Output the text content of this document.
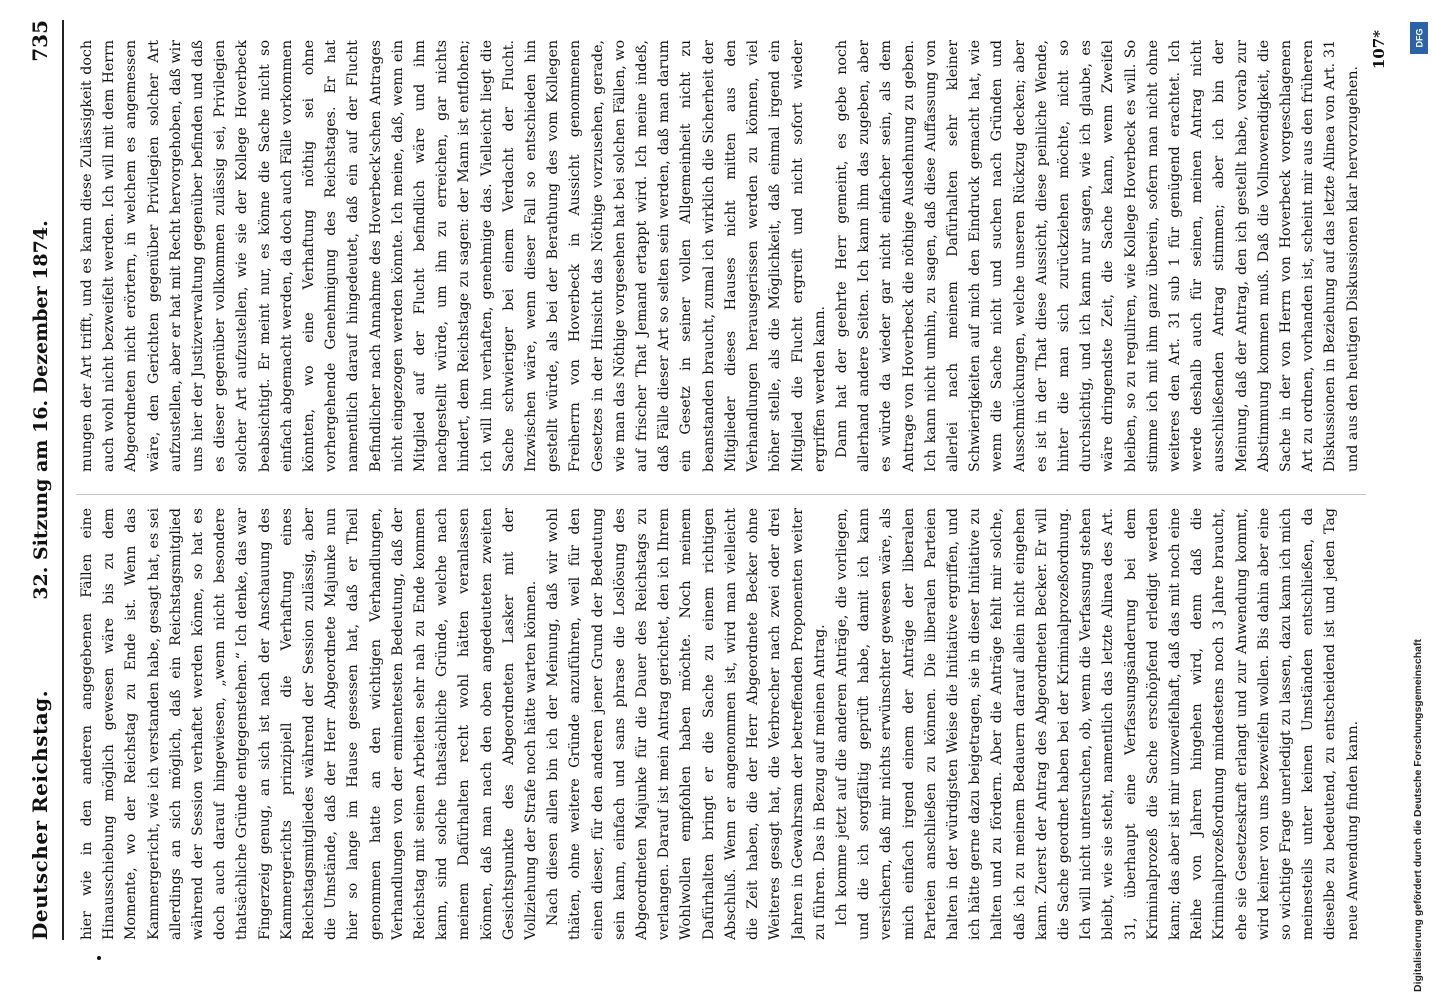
Deutscher Reichstag.
32. Sitzung am 16. Dezember 1874.
735

hier wie in den anderen angegebenen Fällen eine Hinausschiebung möglich gewesen wäre bis zu dem Momente, wo der Reichstag zu Ende ist. Wenn das Kammergericht, wie ich verstanden habe, gesagt hat, es sei allerdings an sich möglich, daß ein Reichstagsmitglied während der Session verhaftet werden könne, so hat es doch auch darauf hingewiesen, „wenn nicht besondere thatsächliche Gründe entgegenstehen.“ Ich denke, das war Fingerzeig genug, an sich ist nach der Anschauung des Kammergerichts prinzipiell die Verhaftung eines Reichstagsmitgliedes während der Session zulässig, aber die Umstände, daß der Herr Abgeordnete Majunke nun hier so lange im Hause gesessen hat, daß er Theil genommen hatte an den wichtigen Verhandlungen, Verhandlungen von der eminentesten Bedeutung, daß der Reichstag mit seinen Arbeiten sehr nah zu Ende kommen kann, sind solche thatsächliche Gründe, welche nach meinem Dafürhalten recht wohl hätten veranlassen können, daß man nach den oben angedeuteten zweiten Gesichtspunkte des Abgeordneten Lasker mit der Vollziehung der Strafe noch hätte warten können. Nach diesen allen bin ich der Meinung, daß wir wohl thäten, ohne weitere Gründe anzuführen, weil für den einen dieser, für den anderen jener Grund der Bedeutung sein kann, einfach und sans phrase die Loslösung des Abgeordneten Majunke für die Dauer des Reichstags zu verlangen. Darauf ist mein Antrag gerichtet, den ich Ihrem Wohlwollen empfohlen haben möchte. Noch meinem Dafürhalten bringt er die Sache zu einem richtigen Abschluß. Wenn er angenommen ist, wird man vielleicht die Zeit haben, die der Herr Abgeordnete Becker ohne Weiteres gesagt hat, die Verbrecher nach zwei oder drei Jahren in Gewahrsam der betreffenden Proponenten weiter zu führen. Das in Bezug auf meinen Antrag. Ich komme jetzt auf die anderen Anträge, die vorliegen, und die ich sorgfältig geprüft habe, damit ich kann versichern, daß mir nichts erwünschter gewesen wäre, als mich einfach irgend einem der Anträge der liberalen Parteien anschließen zu können. Die liberalen Parteien halten in der würdigsten Weise die Initiative ergriffen, und ich hätte gerne dazu beigetragen, sie in dieser Initiative zu halten und zu fördern. Aber die Anträge fehlt mir solche, daß ich zu meinem Bedauern darauf allein nicht eingehen kann. Zuerst der Antrag des Abgeordneten Becker. Er will die Sache geordnet haben bei der Kriminalprozeßordnung. Ich will nicht untersuchen, ob, wenn die Verfassung stehen bleibt, wie sie steht, namentlich das letzte Alinea des Art. 31, überhaupt eine Verfassungsänderung bei dem Kriminalprozeß die Sache erschöpfend erledigt werden kann; das aber ist mir unzweifelhaft, daß das mit noch eine Reihe von Jahren hingehen wird, denn daß die Kriminalprozeßordnung mindestens noch 3 Jahre braucht, ehe sie Gesetzeskraft erlangt und zur Anwendung kommt, wird keiner von uns bezweifeln wollen. Bis dahin aber eine so wichtige Frage unerledigt zu lassen, dazu kann ich mich meinesteils unter keinen Umständen entschließen, da dieselbe zu bedeutend, zu entscheidend ist und jeden Tag neue Anwendung finden kann.

mungen der Art trifft, und es kann diese Zulässigkeit doch auch wohl nicht bezweifelt werden. Ich will mit dem Herrn Abgeordneten nicht erörtern, in welchem es angemessen wäre, den Gerichten gegenüber Privilegien solcher Art aufzustellen, aber er hat mit Recht hervorgehoben, daß wir uns hier der Justizverwaltung gegenüber befinden und daß es dieser gegenüber vollkommen zulässig sei, Privilegien solcher Art aufzustellen, wie sie der Kollege Hoverbeck beabsichtigt. Er meint nur, es könne die Sache nicht so einfach abgemacht werden, da doch auch Fälle vorkommen könnten, wo eine Verhaftung nöthig sei ohne vorhergehende Genehmigung des Reichstages. Er hat namentlich darauf hingedeutet, daß ein auf der Flucht Befindlicher nach Annahme des Hoverbeck'schen Antrages nicht eingezogen werden könnte. Ich meine, daß, wenn ein Mitglied auf der Flucht befindlich wäre und ihm nachgestellt würde, um ihn zu erreichen, gar nichts hindert, dem Reichstage zu sagen: der Mann ist entflohen; ich will ihn verhaften, genehmige das. Vielleicht liegt die Sache schwieriger bei einem Verdacht der Flucht. Inzwischen wäre, wenn dieser Fall so entschieden hin gestellt würde, als bei der Berathung des vom Kollegen Freiherrn von Hoverbeck in Aussicht genommenen Gesetzes in der Hinsicht das Nöthige vorzusehen, gerade, wie man das Nöthige vorgesehen hat bei solchen Fällen, wo auf frischer That Jemand ertappt wird. Ich meine indeß, daß Fälle dieser Art so selten sein werden, daß man darum ein Gesetz in seiner vollen Allgemeinheit nicht zu beanstanden braucht, zumal ich wirklich die Sicherheit der Mitglieder dieses Hauses nicht mitten aus den Verhandlungen herausgerissen werden zu können, viel höher stelle, als die Möglichkeit, daß einmal irgend ein Mitglied die Flucht ergreift und nicht sofort wieder ergriffen werden kann. Dann hat der geehrte Herr gemeint, es gebe noch allerhand andere Seiten. Ich kann ihm das zugeben, aber es würde da wieder gar nicht einfacher sein, als dem Antrage von Hoverbeck die nöthige Ausdehnung zu geben. Ich kann nicht umhin, zu sagen, daß diese Auffassung von allerlei nach meinem Dafürhalten sehr kleiner Schwierigkeiten auf mich den Eindruck gemacht hat, wie wenn die Sache nicht und suchen nach Gründen und Ausschmückungen, welche unseren Rückzug decken; aber es ist in der That diese Aussicht, diese peinliche Wende, hinter die man sich zurückziehen möchte, nicht so durchsichtig, und ich kann nur sagen, wie ich glaube, es wäre dringendste Zeit, die Sache kann, wenn Zweifel bleiben, so zu reguliren, wie Kollege Hoverbeck es will. So stimme ich mit ihm ganz überein, sofern man nicht ohne weiteres den Art. 31 sub 1 für genügend erachtet. Ich werde deshalb auch für seinen, meinen Antrag nicht ausschließenden Antrag stimmen; aber ich bin der Meinung, daß der Antrag, den ich gestellt habe, vorab zur Abstimmung kommen muß. Daß die Vollnowendigkeit, die Sache in der von Herrn von Hoverbeck vorgeschlagenen Art zu ordnen, vorhanden ist, scheint mir aus den früheren Diskussionen in Beziehung auf das letzte Alinea von Art. 31 und aus den heutigen Diskussionen klar hervorzugehen.

107*	DFG
Digitalisierung gefördert durch die Deutsche Forschungsgemeinschaft
